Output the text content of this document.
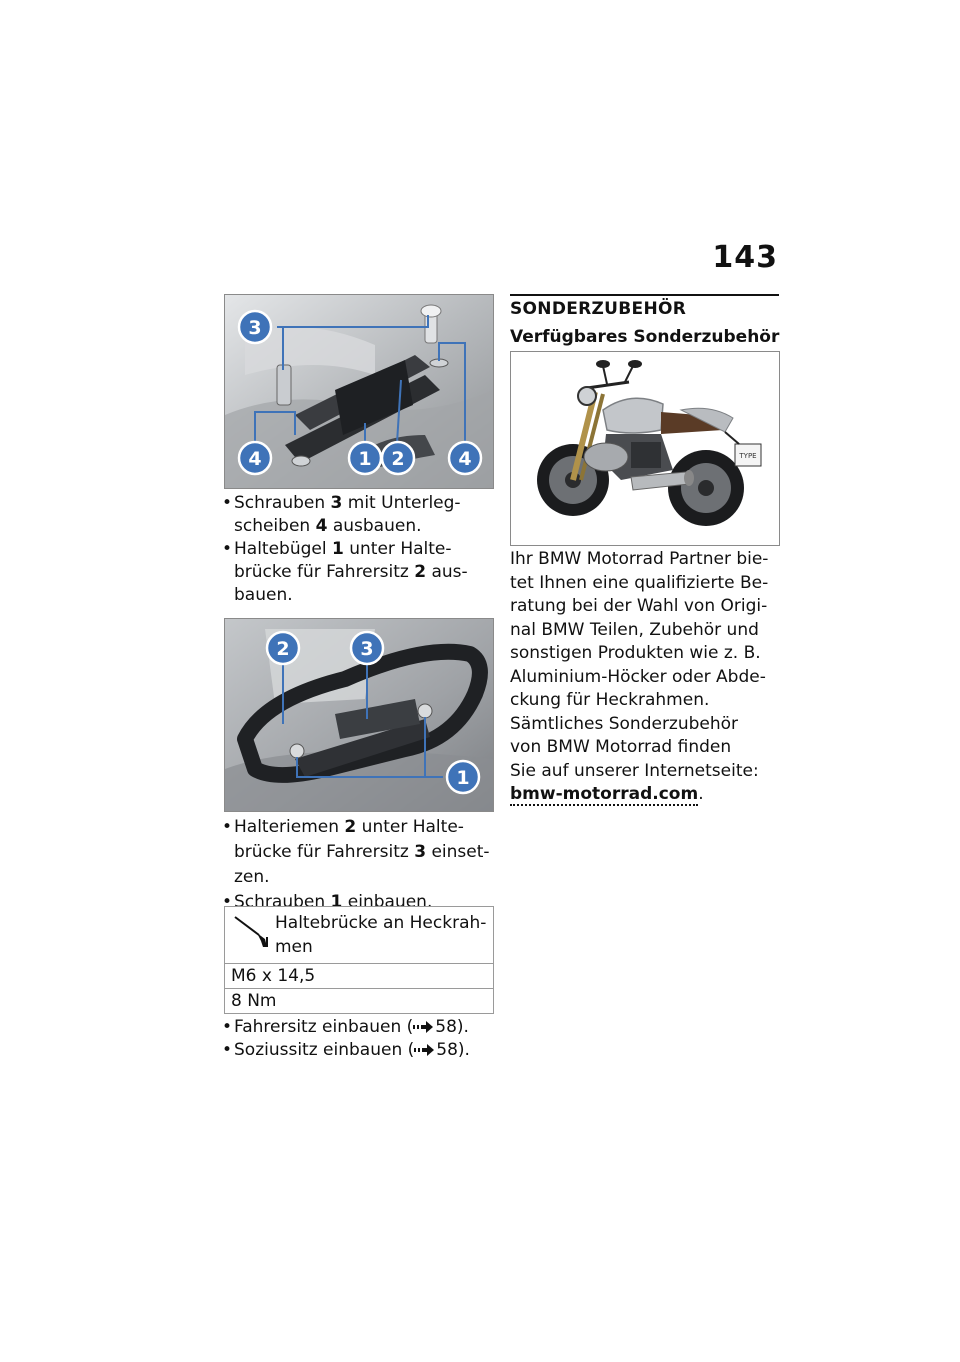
143
3
4	1 2	4
• Schrauben 3 mit Unterleg-
scheiben 4 ausbauen.
• Haltebügel 1 unter Halte-
brücke für Fahrersitz 2 aus-
bauen.
2	3
1
• Halteriemen 2 unter Halte-
brücke für Fahrersitz 3 einset-
zen.
• Schrauben 1 einbauen.
Haltebrücke an Heckrah-
men
M6 x 14,5
8 Nm
• Fahrersitz einbauen ( 58).
• Soziussitz einbauen ( 58).
SONDERZUBEHÖR
Verfügbares Sonderzubehör
TYPE

Ihr BMW Motorrad Partner bie-
tet Ihnen eine qualifizierte Be-
ratung bei der Wahl von Origi-
nal BMW Teilen, Zubehör und
sonstigen Produkten wie z. B.
Aluminium-Höcker oder Abde-
ckung für Heckrahmen.
Sämtliches Sonderzubehör
von BMW Motorrad finden
Sie auf unserer Internetseite:
bmw-motorrad.com.
